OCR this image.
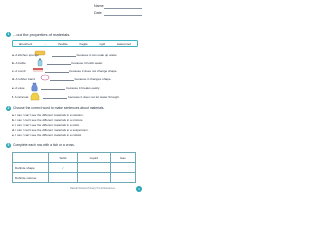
Name
Date
1 ...out the properties of materials.
absorbent	...	flexible	fragile	rigid	waterproof
a. A kitchen sponge	because it can soak up water.
b. A bottle	because it holds water.
c. A comb	because it does not change shape.
d. A rubber band	because it changes shape.
e. A vase	because it breaks easily.
f. A raincoat	because it does not let water through.
2	Choose the correct word to make sentences about materials.
a. I can / can't see the different materials in a solution.
b. I can / can't see the different materials in a mixture.
c. I can / can't see the different materials in a solid.
d. I can / can't see the different materials in a suspension.
e. I can / can't see the different materials in a colloid.
3	Complete each row with a tick or a cross.
	Solid	Liquid	Gas
Definite shape	✓		
Definite volume			
Natural Science Primary 5 Unit Resources ...	3
